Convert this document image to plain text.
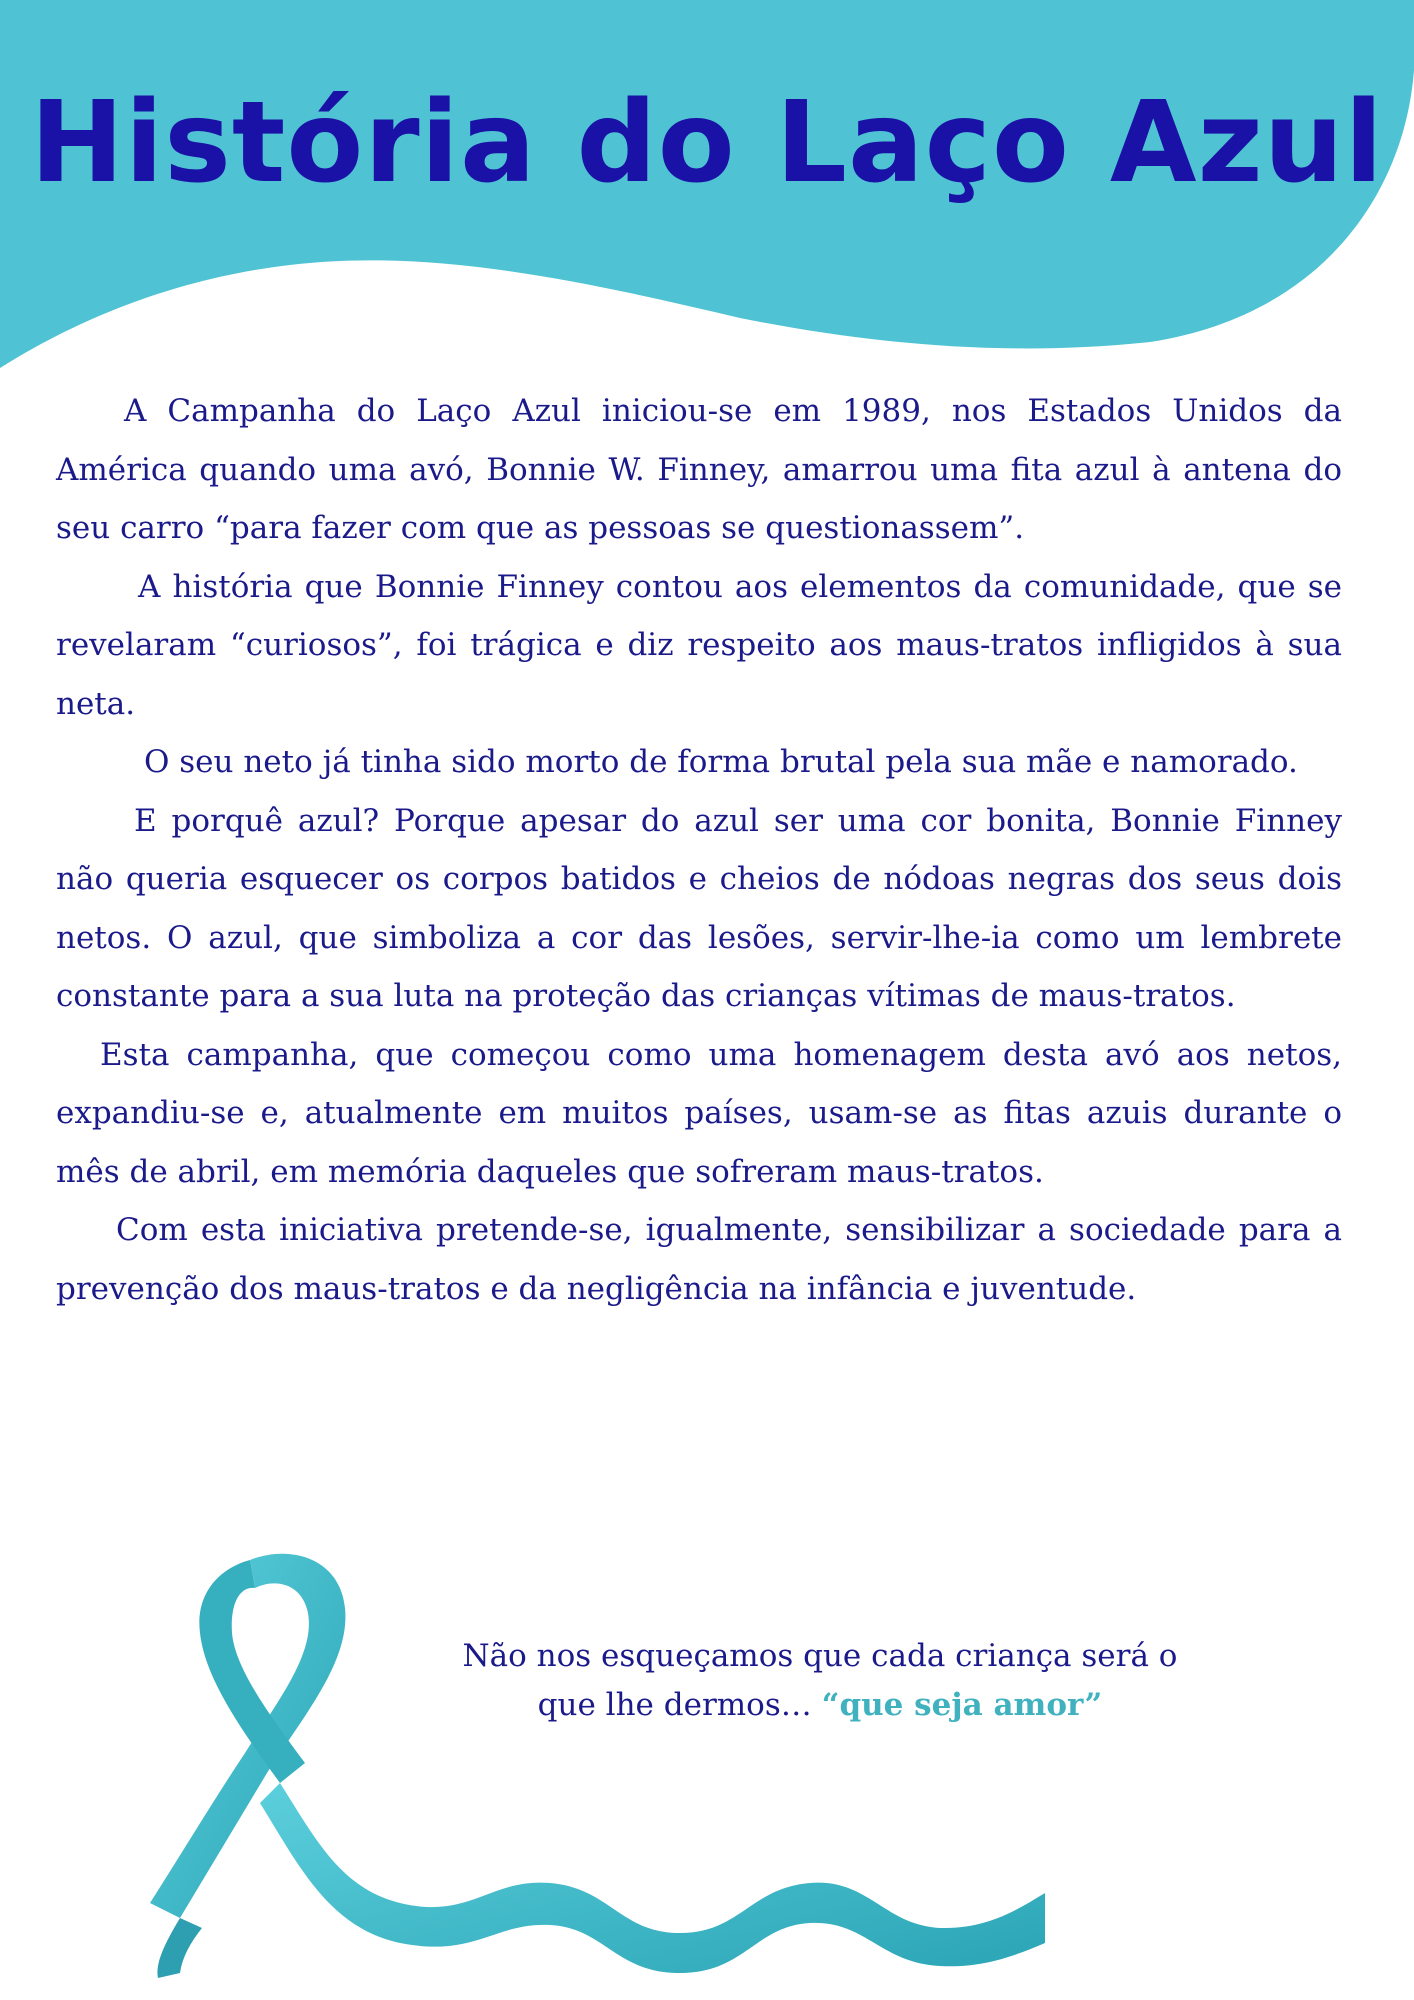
História do Laço Azul

A Campanha do Laço Azul iniciou-se em 1989, nos Estados Unidos da América quando uma avó, Bonnie W. Finney, amarrou uma fita azul à antena do seu carro “para fazer com que as pessoas se questionassem”.

A história que Bonnie Finney contou aos elementos da comunidade, que se revelaram “curiosos”, foi trágica e diz respeito aos maus-tratos infligidos à sua neta.

O seu neto já tinha sido morto de forma brutal pela sua mãe e namorado.

E porquê azul? Porque apesar do azul ser uma cor bonita, Bonnie Finney não queria esquecer os corpos batidos e cheios de nódoas negras dos seus dois netos. O azul, que simboliza a cor das lesões, servir-lhe-ia como um lembrete constante para a sua luta na proteção das crianças vítimas de maus-tratos.

Esta campanha, que começou como uma homenagem desta avó aos netos, expandiu-se e, atualmente em muitos países, usam-se as fitas azuis durante o mês de abril, em memória daqueles que sofreram maus-tratos.

Com esta iniciativa pretende-se, igualmente, sensibilizar a sociedade para a prevenção dos maus-tratos e da negligência na infância e juventude.

Não nos esqueçamos que cada criança será o que lhe dermos… “que seja amor”
